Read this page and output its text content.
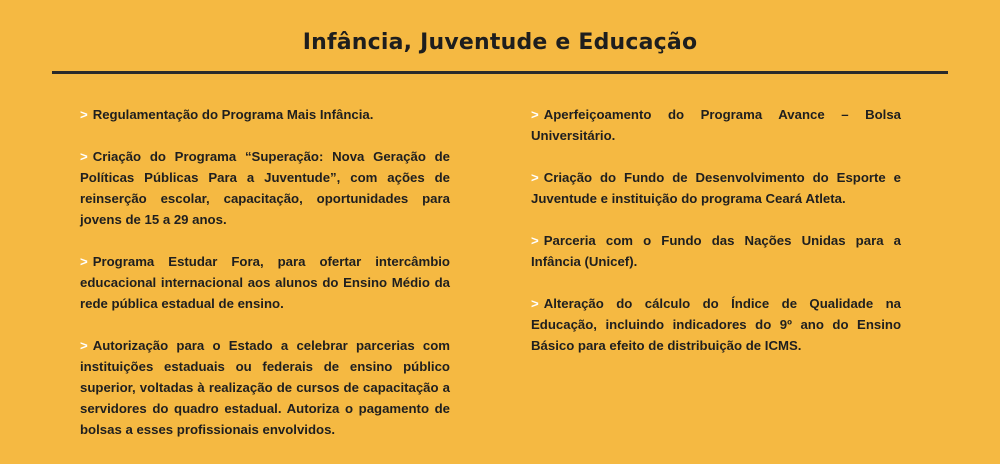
Infância, Juventude e Educação

> Regulamentação do Programa Mais Infância.

> Criação do Programa “Superação: Nova Geração de Políticas Públicas Para a Juventude”, com ações de reinserção escolar, capacitação, oportunidades para jovens de 15 a 29 anos.

> Programa Estudar Fora, para ofertar intercâmbio educacional internacional aos alunos do Ensino Médio da rede pública estadual de ensino.

> Autorização para o Estado a celebrar parcerias com instituições estaduais ou federais de ensino público superior, voltadas à realização de cursos de capacitação a servidores do quadro estadual. Autoriza o pagamento de bolsas a esses profissionais envolvidos.

> Aperfeiçoamento do Programa Avance – Bolsa Universitário.

> Criação do Fundo de Desenvolvimento do Esporte e Juventude e instituição do programa Ceará Atleta.

> Parceria com o Fundo das Nações Unidas para a Infância (Unicef).

> Alteração do cálculo do Índice de Qualidade na Educação, incluindo indicadores do 9º ano do Ensino Básico para efeito de distribuição de ICMS.
